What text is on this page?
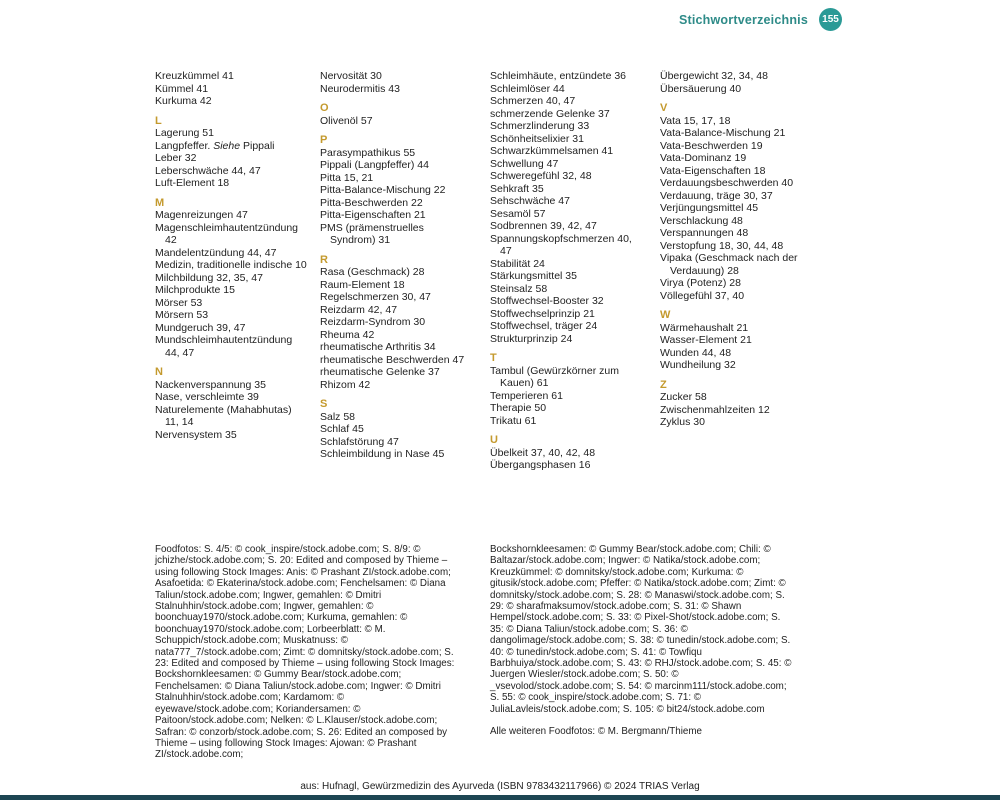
Stichwortverzeichnis	155
Kreuzkümmel 41
Kümmel 41
Kurkuma 42
L
Lagerung 51
Langpfeffer. Siehe Pippali
Leber 32
Leberschwäche 44, 47
Luft-Element 18
M
Magenreizungen 47
Magenschleimhautentzündung 42
Mandelentzündung 44, 47
Medizin, traditionelle indische 10
Milchbildung 32, 35, 47
Milchprodukte 15
Mörser 53
Mörsern 53
Mundgeruch 39, 47
Mundschleimhautentzündung 44, 47
N
Nackenverspannung 35
Nase, verschleimte 39
Naturelemente (Mahabhutas) 11, 14
Nervensystem 35
Nervosität 30
Neurodermitis 43
O
Olivenöl 57
P
Parasympathikus 55
Pippali (Langpfeffer) 44
Pitta 15, 21
Pitta-Balance-Mischung 22
Pitta-Beschwerden 22
Pitta-Eigenschaften 21
PMS (prämenstruelles Syndrom) 31
R
Rasa (Geschmack) 28
Raum-Element 18
Regelschmerzen 30, 47
Reizdarm 42, 47
Reizdarm-Syndrom 30
Rheuma 42
rheumatische Arthritis 34
rheumatische Beschwerden 47
rheumatische Gelenke 37
Rhizom 42
S
Salz 58
Schlaf 45
Schlafstörung 47
Schleimbildung in Nase 45
Schleimhäute, entzündete 36
Schleimlöser 44
Schmerzen 40, 47
schmerzende Gelenke 37
Schmerzlinderung 33
Schönheitselixier 31
Schwarzkümmelsamen 41
Schwellung 47
Schweregefühl 32, 48
Sehkraft 35
Sehschwäche 47
Sesamöl 57
Sodbrennen 39, 42, 47
Spannungskopfschmerzen 40, 47
Stabilität 24
Stärkungsmittel 35
Steinsalz 58
Stoffwechsel-Booster 32
Stoffwechselprinzip 21
Stoffwechsel, träger 24
Strukturprinzip 24
T
Tambul (Gewürzkörner zum Kauen) 61
Temperieren 61
Therapie 50
Trikatu 61
U
Übelkeit 37, 40, 42, 48
Übergangsphasen 16
Übergewicht 32, 34, 48
Übersäuerung 40
V
Vata 15, 17, 18
Vata-Balance-Mischung 21
Vata-Beschwerden 19
Vata-Dominanz 19
Vata-Eigenschaften 18
Verdauungsbeschwerden 40
Verdauung, träge 30, 37
Verjüngungsmittel 45
Verschlackung 48
Verspannungen 48
Verstopfung 18, 30, 44, 48
Vipaka (Geschmack nach der Verdauung) 28
Virya (Potenz) 28
Völlegefühl 37, 40
W
Wärmehaushalt 21
Wasser-Element 21
Wunden 44, 48
Wundheilung 32
Z
Zucker 58
Zwischenmahlzeiten 12
Zyklus 30

Foodfotos: S. 4/5: © cook_inspire/stock.adobe.com; S. 8/9: © jchizhe/stock.adobe.com; S. 20: Edited and composed by Thieme – using following Stock Images: Anis: © Prashant ZI/stock.adobe.com; Asafoetida: © Ekaterina/stock.adobe.com; Fenchelsamen: © Diana Taliun/stock.adobe.com; Ingwer, gemahlen: © Dmitri Stalnuhhin/stock.adobe.com; Ingwer, gemahlen: © boonchuay1970/stock.adobe.com; Kurkuma, gemahlen: © boonchuay1970/stock.adobe.com; Lorbeerblatt: © M. Schuppich/stock.adobe.com; Muskatnuss: © nata777_7/stock.adobe.com; Zimt: © domnitsky/stock.adobe.com; S. 23: Edited and composed by Thieme – using following Stock Images: Bockshornkleesamen: © Gummy Bear/stock.adobe.com; Fenchelsamen: © Diana Taliun/stock.adobe.com; Ingwer: © Dmitri Stalnuhhin/stock.adobe.com; Kardamom: © eyewave/stock.adobe.com; Koriandersamen: © Paitoon/stock.adobe.com; Nelken: © L.Klauser/stock.adobe.com; Safran: © conzorb/stock.adobe.com; S. 26: Edited an composed by Thieme – using following Stock Images: Ajowan: © Prashant ZI/stock.adobe.com;

Bockshornkleesamen: © Gummy Bear/stock.adobe.com; Chili: © Baltazar/stock.adobe.com; Ingwer: © Natika/stock.adobe.com; Kreuzkümmel: © domnitsky/stock.adobe.com; Kurkuma: © gitusik/stock.adobe.com; Pfeffer: © Natika/stock.adobe.com; Zimt: © domnitsky/stock.adobe.com; S. 28: © Manaswi/stock.adobe.com; S. 29: © sharafmaksumov/stock.adobe.com; S. 31: © Shawn Hempel/stock.adobe.com; S. 33: © Pixel-Shot/stock.adobe.com; S. 35: © Diana Taliun/stock.adobe.com; S. 36: © dangolimage/stock.adobe.com; S. 38: © tunedin/stock.adobe.com; S. 40: © tunedin/stock.adobe.com; S. 41: © Towfiqu Barbhuiya/stock.adobe.com; S. 43: © RHJ/stock.adobe.com; S. 45: © Juergen Wiesler/stock.adobe.com; S. 50: © _vsevolod/stock.adobe.com; S. 54: © marcinm111/stock.adobe.com; S. 55: © cook_inspire/stock.adobe.com; S. 71: © JuliaLavleis/stock.adobe.com; S. 105: © bit24/stock.adobe.com

Alle weiteren Foodfotos: © M. Bergmann/Thieme

aus: Hufnagl, Gewürzmedizin des Ayurveda (ISBN 9783432117966) © 2024 TRIAS Verlag
